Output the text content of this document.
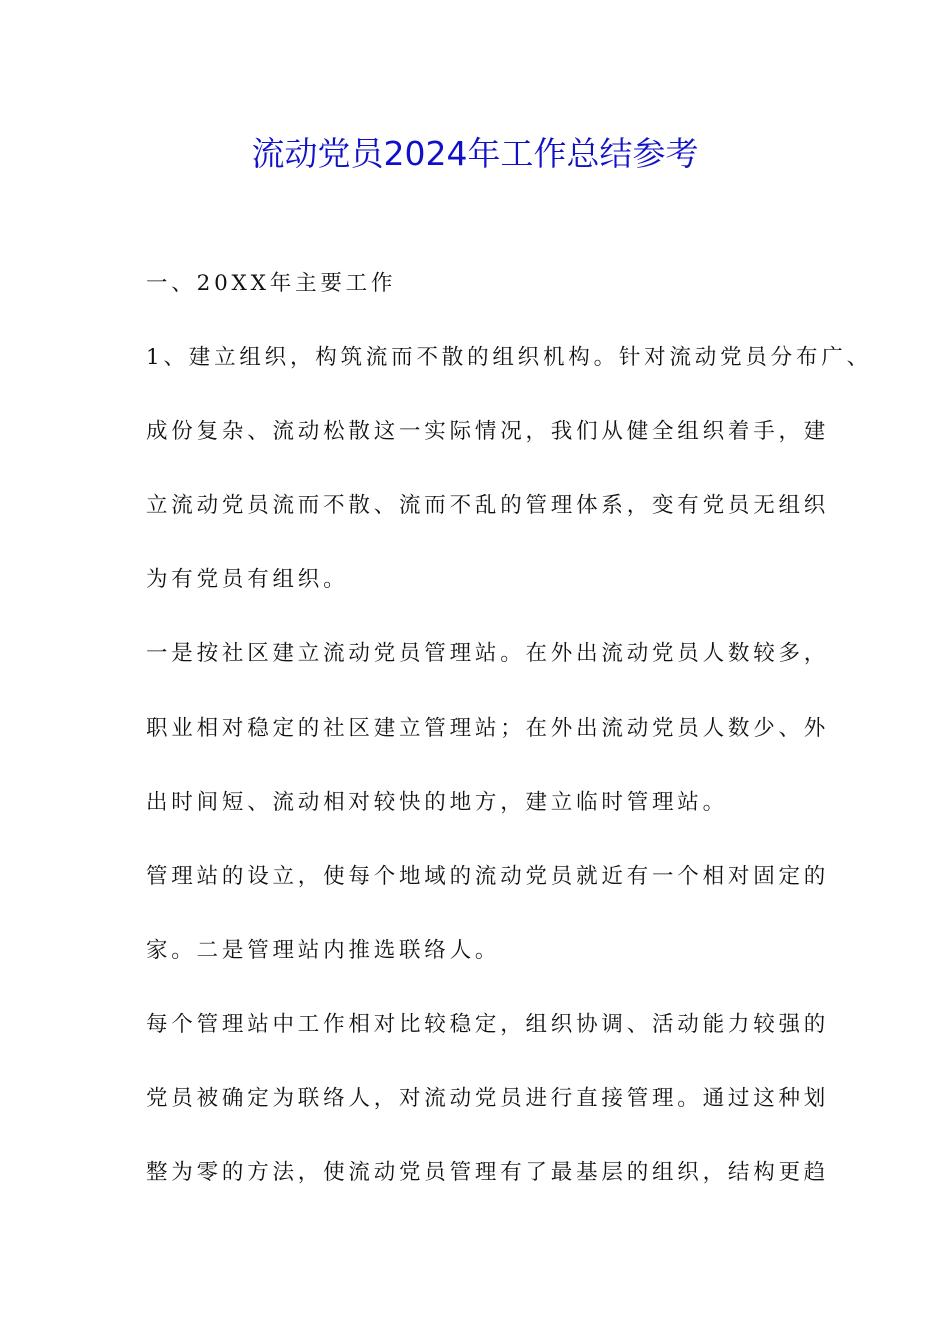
流动党员2024年工作总结参考
一、20XX年主要工作
1、建立组织，构筑流而不散的组织机构。针对流动党员分布广、
成份复杂、流动松散这一实际情况，我们从健全组织着手，建
立流动党员流而不散、流而不乱的管理体系，变有党员无组织
为有党员有组织。
一是按社区建立流动党员管理站。在外出流动党员人数较多，
职业相对稳定的社区建立管理站；在外出流动党员人数少、外
出时间短、流动相对较快的地方，建立临时管理站。
管理站的设立，使每个地域的流动党员就近有一个相对固定的
家。二是管理站内推选联络人。
每个管理站中工作相对比较稳定，组织协调、活动能力较强的
党员被确定为联络人，对流动党员进行直接管理。通过这种划
整为零的方法，使流动党员管理有了最基层的组织，结构更趋
